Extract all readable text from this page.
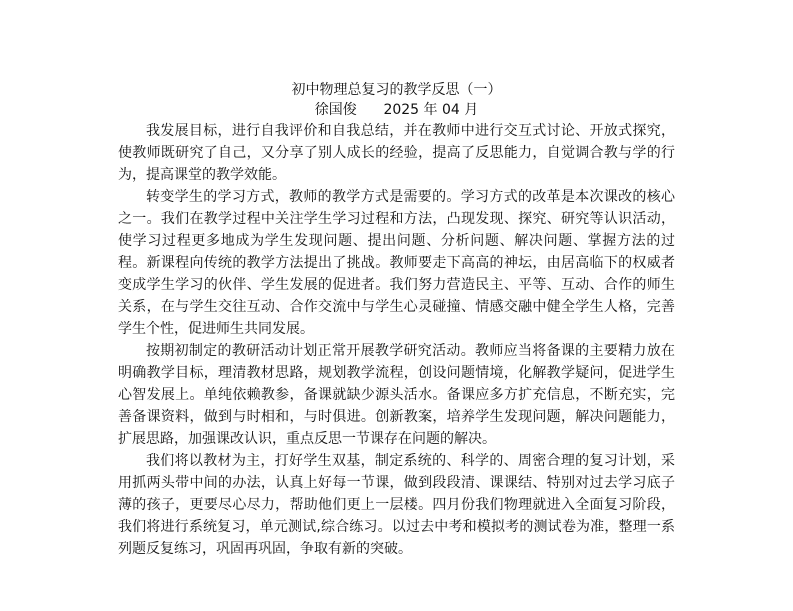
初中物理总复习的教学反思（一）

徐国俊 2025 年 04 月

我发展目标，进行自我评价和自我总结，并在教师中进行交互式讨论、开放式探究，使教师既研究了自己，又分享了别人成长的经验，提高了反思能力，自觉调合教与学的行为，提高课堂的教学效能。

转变学生的学习方式，教师的教学方式是需要的。学习方式的改革是本次课改的核心之一。我们在教学过程中关注学生学习过程和方法，凸现发现、探究、研究等认识活动，使学习过程更多地成为学生发现问题、提出问题、分析问题、解决问题、掌握方法的过程。新课程向传统的教学方法提出了挑战。教师要走下高高的神坛，由居高临下的权威者变成学生学习的伙伴、学生发展的促进者。我们努力营造民主、平等、互动、合作的师生关系，在与学生交往互动、合作交流中与学生心灵碰撞、情感交融中健全学生人格，完善学生个性，促进师生共同发展。

按期初制定的教研活动计划正常开展教学研究活动。教师应当将备课的主要精力放在明确教学目标，理清教材思路，规划教学流程，创设问题情境，化解教学疑问，促进学生心智发展上。单纯依赖教参，备课就缺少源头活水。备课应多方扩充信息，不断充实，完善备课资料，做到与时相和，与时俱进。创新教案，培养学生发现问题，解决问题能力，扩展思路，加强课改认识，重点反思一节课存在问题的解决。

我们将以教材为主，打好学生双基，制定系统的、科学的、周密合理的复习计划，采用抓两头带中间的办法，认真上好每一节课，做到段段清、课课结、特别对过去学习底子薄的孩子，更要尽心尽力，帮助他们更上一层楼。四月份我们物理就进入全面复习阶段，我们将进行系统复习，单元测试,综合练习。以过去中考和模拟考的测试卷为准，整理一系列题反复练习，巩固再巩固，争取有新的突破。
